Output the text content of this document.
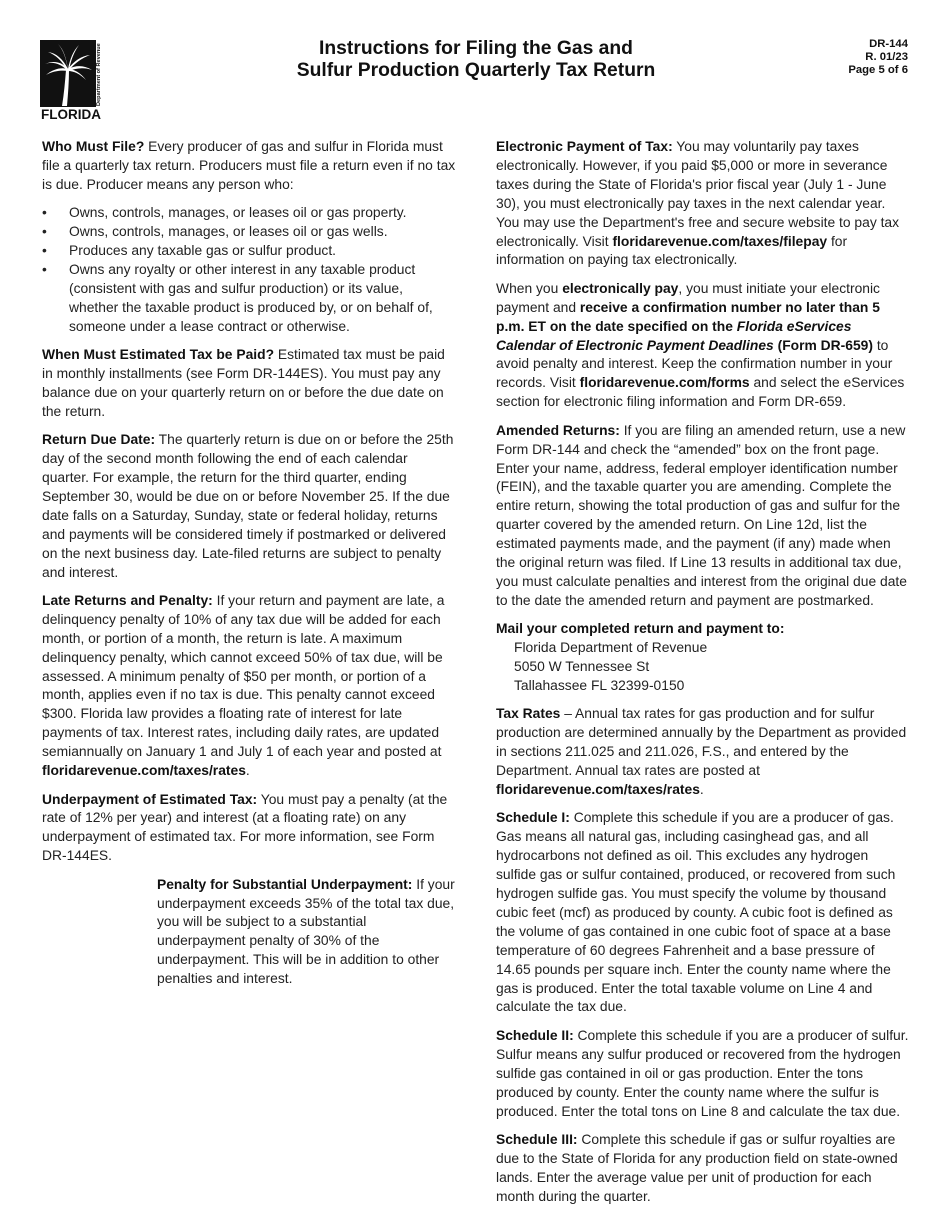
Department of Revenue
FLORIDA
Instructions for Filing the Gas and
Sulfur Production Quarterly Tax Return
DR-144
R. 01/23
Page 5 of 6

Who Must File? Every producer of gas and sulfur in Florida must file a quarterly tax return. Producers must file a return even if no tax is due. Producer means any person who:

• Owns, controls, manages, or leases oil or gas property.
• Owns, controls, manages, or leases oil or gas wells.
• Produces any taxable gas or sulfur product.
• Owns any royalty or other interest in any taxable product (consistent with gas and sulfur production) or its value, whether the taxable product is produced by, or on behalf of, someone under a lease contract or otherwise.

When Must Estimated Tax be Paid? Estimated tax must be paid in monthly installments (see Form DR-144ES). You must pay any balance due on your quarterly return on or before the due date on the return.

Return Due Date: The quarterly return is due on or before the 25th day of the second month following the end of each calendar quarter. For example, the return for the third quarter, ending September 30, would be due on or before November 25. If the due date falls on a Saturday, Sunday, state or federal holiday, returns and payments will be considered timely if postmarked or delivered on the next business day. Late-filed returns are subject to penalty and interest.

Late Returns and Penalty: If your return and payment are late, a delinquency penalty of 10% of any tax due will be added for each month, or portion of a month, the return is late. A maximum delinquency penalty, which cannot exceed 50% of tax due, will be assessed. A minimum penalty of $50 per month, or portion of a month, applies even if no tax is due. This penalty cannot exceed $300. Florida law provides a floating rate of interest for late payments of tax. Interest rates, including daily rates, are updated semiannually on January 1 and July 1 of each year and posted at floridarevenue.com/taxes/rates.

Underpayment of Estimated Tax: You must pay a penalty (at the rate of 12% per year) and interest (at a floating rate) on any underpayment of estimated tax. For more information, see Form DR-144ES.

Penalty for Substantial Underpayment: If your underpayment exceeds 35% of the total tax due, you will be subject to a substantial underpayment penalty of 30% of the underpayment. This will be in addition to other penalties and interest.

Electronic Payment of Tax: You may voluntarily pay taxes electronically. However, if you paid $5,000 or more in severance taxes during the State of Florida's prior fiscal year (July 1 - June 30), you must electronically pay taxes in the next calendar year. You may use the Department's free and secure website to pay tax electronically. Visit floridarevenue.com/taxes/filepay for information on paying tax electronically.

When you electronically pay, you must initiate your electronic payment and receive a confirmation number no later than 5 p.m. ET on the date specified on the Florida eServices Calendar of Electronic Payment Deadlines (Form DR-659) to avoid penalty and interest. Keep the confirmation number in your records. Visit floridarevenue.com/forms and select the eServices section for electronic filing information and Form DR-659.

Amended Returns: If you are filing an amended return, use a new Form DR-144 and check the “amended” box on the front page. Enter your name, address, federal employer identification number (FEIN), and the taxable quarter you are amending. Complete the entire return, showing the total production of gas and sulfur for the quarter covered by the amended return. On Line 12d, list the estimated payments made, and the payment (if any) made when the original return was filed. If Line 13 results in additional tax due, you must calculate penalties and interest from the original due date to the date the amended return and payment are postmarked.

Mail your completed return and payment to:
Florida Department of Revenue
5050 W Tennessee St
Tallahassee FL 32399-0150

Tax Rates – Annual tax rates for gas production and for sulfur production are determined annually by the Department as provided in sections 211.025 and 211.026, F.S., and entered by the Department. Annual tax rates are posted at floridarevenue.com/taxes/rates.

Schedule I: Complete this schedule if you are a producer of gas. Gas means all natural gas, including casinghead gas, and all hydrocarbons not defined as oil. This excludes any hydrogen sulfide gas or sulfur contained, produced, or recovered from such hydrogen sulfide gas. You must specify the volume by thousand cubic feet (mcf) as produced by county. A cubic foot is defined as the volume of gas contained in one cubic foot of space at a base temperature of 60 degrees Fahrenheit and a base pressure of 14.65 pounds per square inch. Enter the county name where the gas is produced. Enter the total taxable volume on Line 4 and calculate the tax due.

Schedule II: Complete this schedule if you are a producer of sulfur. Sulfur means any sulfur produced or recovered from the hydrogen sulfide gas contained in oil or gas production. Enter the tons produced by county. Enter the county name where the sulfur is produced. Enter the total tons on Line 8 and calculate the tax due.

Schedule III: Complete this schedule if gas or sulfur royalties are due to the State of Florida for any production field on state-owned lands. Enter the average value per unit of production for each month during the quarter.
